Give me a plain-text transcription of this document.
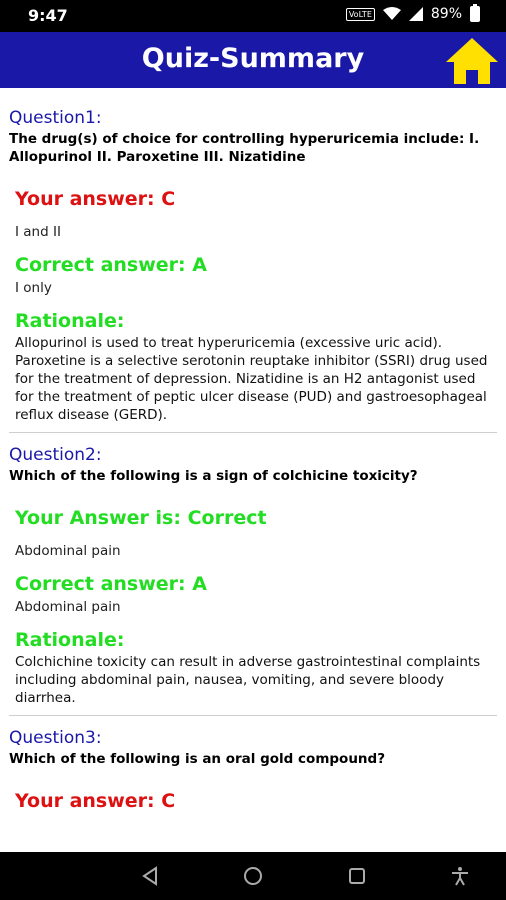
9:47	VoLTE	89%
Quiz-Summary
Question1:
The drug(s) of choice for controlling hyperuricemia include: I. Allopurinol II. Paroxetine III. Nizatidine
Your answer: C
I and II
Correct answer: A
I only
Rationale:
Allopurinol is used to treat hyperuricemia (excessive uric acid). Paroxetine is a selective serotonin reuptake inhibitor (SSRI) drug used for the treatment of depression. Nizatidine is an H2 antagonist used for the treatment of peptic ulcer disease (PUD) and gastroesophageal reflux disease (GERD).
Question2:
Which of the following is a sign of colchicine toxicity?
Your Answer is: Correct
Abdominal pain
Correct answer: A
Abdominal pain
Rationale:
Colchichine toxicity can result in adverse gastrointestinal complaints including abdominal pain, nausea, vomiting, and severe bloody diarrhea.
Question3:
Which of the following is an oral gold compound?
Your answer: C
